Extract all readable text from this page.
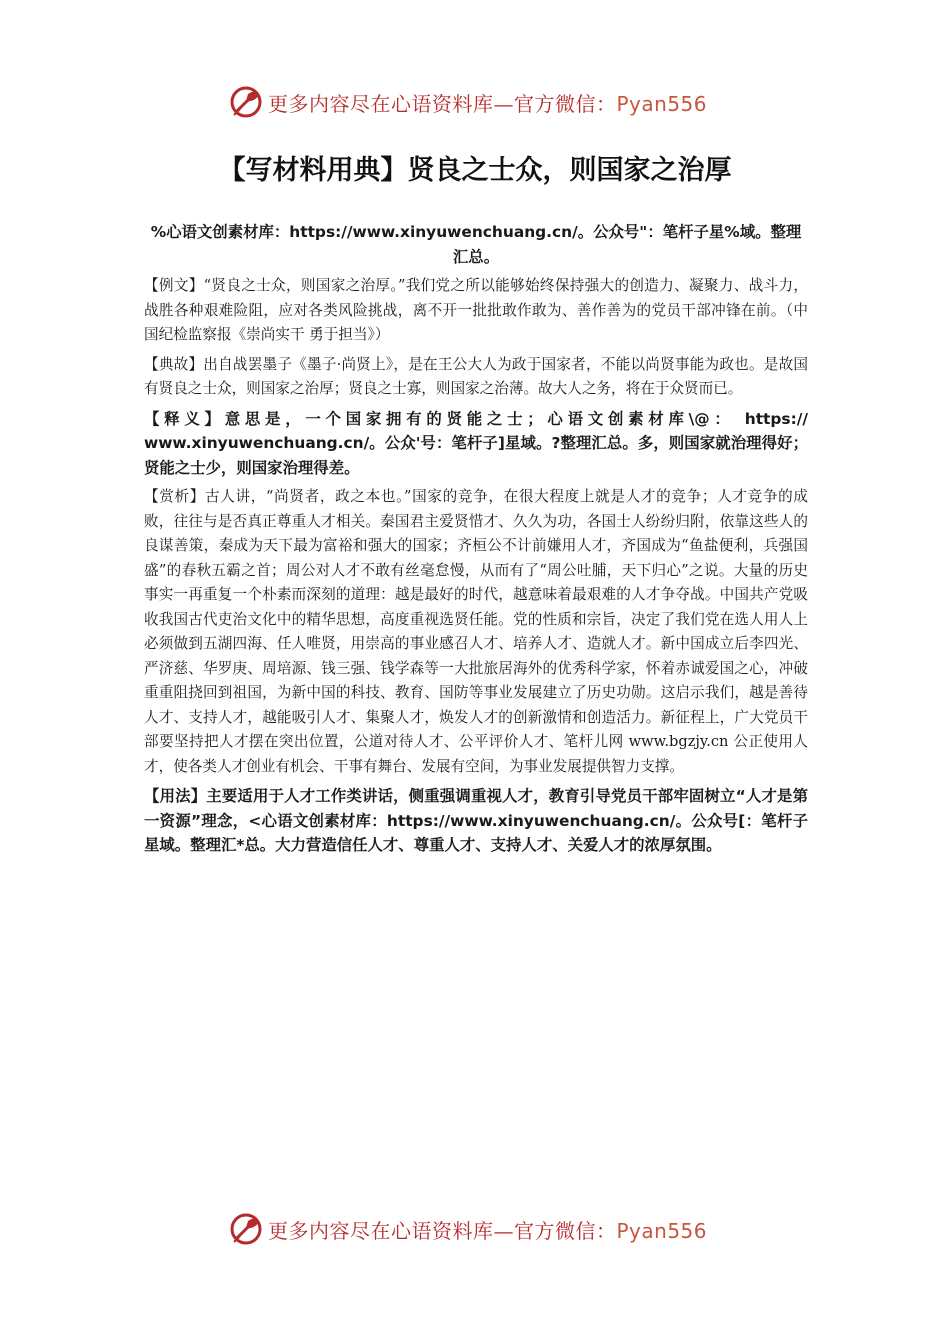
更多内容尽在心语资料库—官方微信：Pyan556
【写材料用典】贤良之士众，则国家之治厚

%心语文创素材库：https://www.xinyuwenchuang.cn/。公众号"：笔杆子星%域。整理汇总。

【例文】“贤良之士众，则国家之治厚。”我们党之所以能够始终保持强大的创造力、凝聚力、战斗力，战胜各种艰难险阻，应对各类风险挑战，离不开一批批敢作敢为、善作善为的党员干部冲锋在前。（中国纪检监察报《崇尚实干 勇于担当》）

【典故】出自战罢墨子《墨子·尚贤上》，是在王公大人为政于国家者，不能以尚贤事能为政也。是故国有贤良之士众，则国家之治厚；贤良之士寡，则国家之治薄。故大人之务，将在于众贤而已。

【释义】意思是，一个国家拥有的贤能之士；心语文创素材库\@： https:// www.xinyuwenchuang.cn/。公众'号：笔杆子]星域。?整理汇总。多，则国家就治理得好；贤能之士少，则国家治理得差。

【赏析】古人讲，“尚贤者，政之本也。”国家的竞争，在很大程度上就是人才的竞争；人才竞争的成败，往往与是否真正尊重人才相关。秦国君主爱贤惜才、久久为功，各国士人纷纷归附，依靠这些人的良谋善策，秦成为天下最为富裕和强大的国家；齐桓公不计前嫌用人才，齐国成为“鱼盐便利，兵强国盛”的春秋五霸之首；周公对人才不敢有丝毫怠慢，从而有了“周公吐脯，天下归心”之说。大量的历史事实一再重复一个朴素而深刻的道理：越是最好的时代，越意味着最艰难的人才争夺战。中国共产党吸收我国古代吏治文化中的精华思想，高度重视选贤任能。党的性质和宗旨，决定了我们党在选人用人上必须做到五湖四海、任人唯贤，用崇高的事业感召人才、培养人才、造就人才。新中国成立后李四光、严济慈、华罗庚、周培源、钱三强、钱学森等一大批旅居海外的优秀科学家，怀着赤诚爱国之心，冲破重重阻挠回到祖国，为新中国的科技、教育、国防等事业发展建立了历史功勋。这启示我们，越是善待人才、支持人才，越能吸引人才、集聚人才，焕发人才的创新激情和创造活力。新征程上，广大党员干部要坚持把人才摆在突出位置，公道对待人才、公平评价人才、笔杆儿网 www.bgzjy.cn 公正使用人才，使各类人才创业有机会、干事有舞台、发展有空间，为事业发展提供智力支撑。

【用法】主要适用于人才工作类讲话，侧重强调重视人才，教育引导党员干部牢固树立“人才是第一资源”理念，<心语文创素材库：https://www.xinyuwenchuang.cn/。公众号[：笔杆子星域。整理汇*总。大力营造信任人才、尊重人才、支持人才、关爱人才的浓厚氛围。

更多内容尽在心语资料库—官方微信：Pyan556
